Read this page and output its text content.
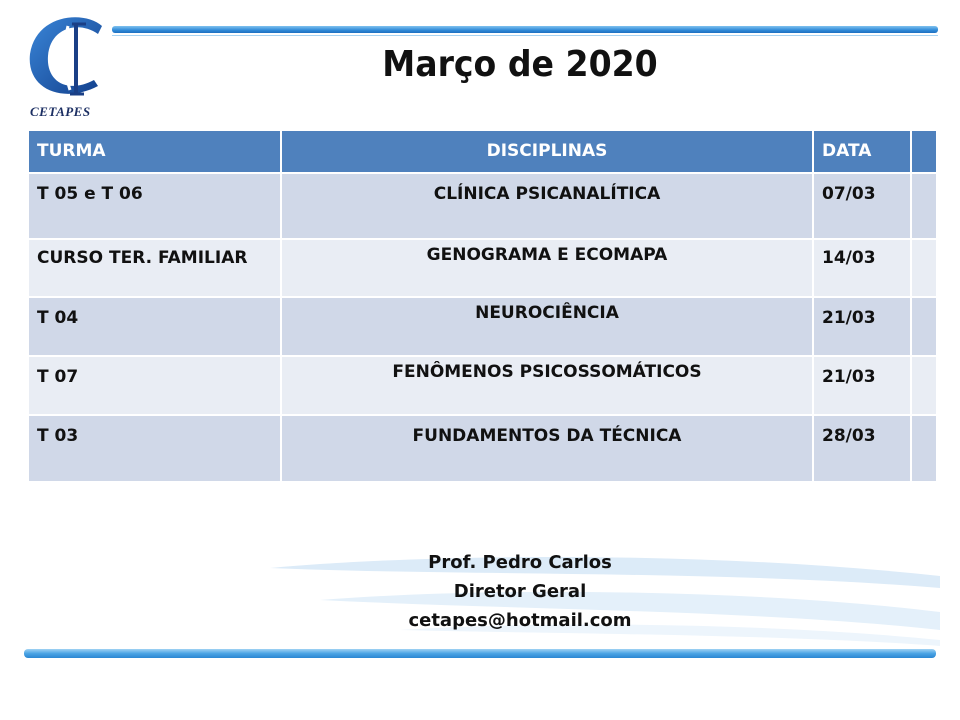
CETAPES
Março de 2020
TURMA	DISCIPLINAS	DATA	
T 05 e T 06	CLÍNICA PSICANALÍTICA	07/03	
CURSO TER. FAMILIAR	GENOGRAMA E ECOMAPA	14/03	
T 04	NEUROCIÊNCIA	21/03	
T 07	FENÔMENOS PSICOSSOMÁTICOS	21/03	
T 03	FUNDAMENTOS DA TÉCNICA	28/03	
Prof. Pedro Carlos
Diretor Geral
cetapes@hotmail.com
